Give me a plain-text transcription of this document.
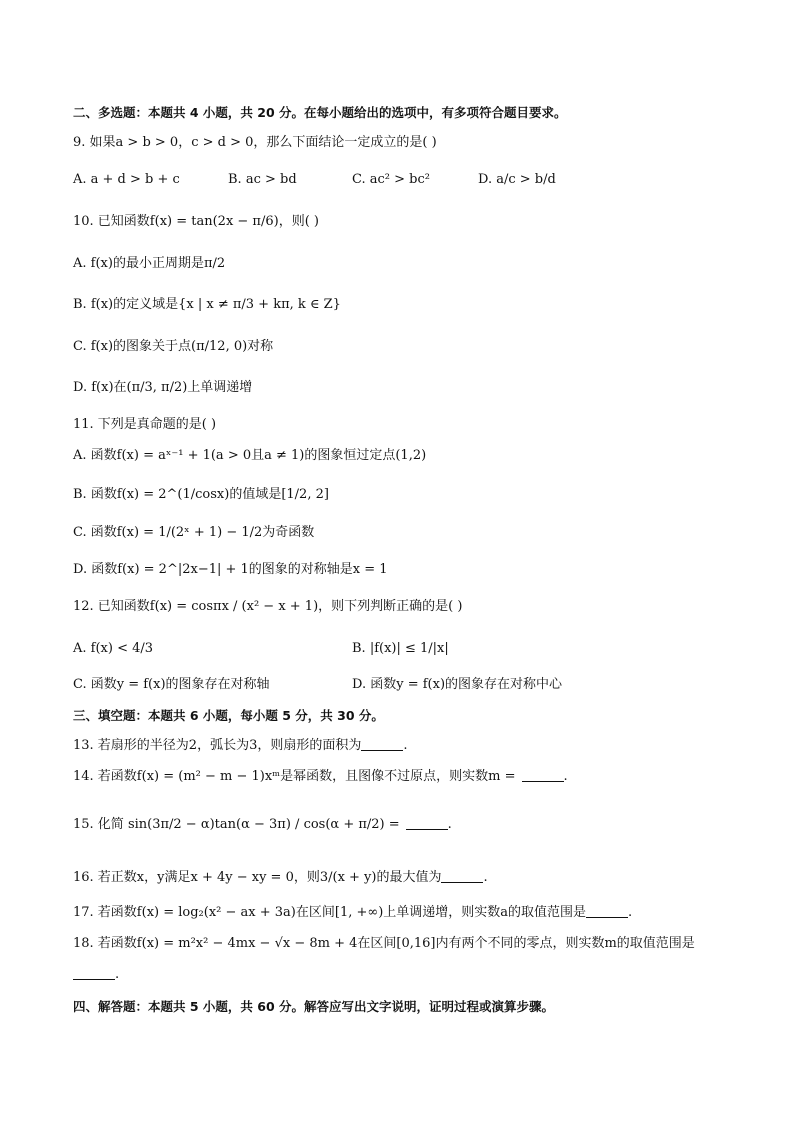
二、多选题：本题共 4 小题，共 20 分。在每小题给出的选项中，有多项符合题目要求。
9. 如果a > b > 0，c > d > 0，那么下面结论一定成立的是( )
A. a + d > b + c	B. ac > bd	C. ac² > bc²	D. a/c > b/d
10. 已知函数f(x) = tan(2x − π/6)，则( )
A. f(x)的最小正周期是π/2
B. f(x)的定义域是{x | x ≠ π/3 + kπ, k ∈ Z}
C. f(x)的图象关于点(π/12, 0)对称
D. f(x)在(π/3, π/2)上单调递增
11. 下列是真命题的是( )
A. 函数f(x) = aˣ⁻¹ + 1(a > 0且a ≠ 1)的图象恒过定点(1,2)
B. 函数f(x) = 2^(1/cosx)的值域是[1/2, 2]
C. 函数f(x) = 1/(2ˣ + 1) − 1/2为奇函数
D. 函数f(x) = 2^|2x−1| + 1的图象的对称轴是x = 1
12. 已知函数f(x) = cosπx / (x² − x + 1)，则下列判断正确的是( )
A. f(x) < 4/3	B. |f(x)| ≤ 1/|x|
C. 函数y = f(x)的图象存在对称轴	D. 函数y = f(x)的图象存在对称中心
三、填空题：本题共 6 小题，每小题 5 分，共 30 分。
13. 若扇形的半径为2，弧长为3，则扇形的面积为	.
14. 若函数f(x) = (m² − m − 1)xᵐ是幂函数，且图像不过原点，则实数m =	.
15. 化简 sin(3π/2 − α)tan(α − 3π) / cos(α + π/2) =	.
16. 若正数x，y满足x + 4y − xy = 0，则3/(x + y)的最大值为	.
17. 若函数f(x) = log₂(x² − ax + 3a)在区间[1, +∞)上单调递增，则实数a的取值范围是	.
18. 若函数f(x) = m²x² − 4mx − √x − 8m + 4在区间[0,16]内有两个不同的零点，则实数m的取值范围是
.
四、解答题：本题共 5 小题，共 60 分。解答应写出文字说明，证明过程或演算步骤。
